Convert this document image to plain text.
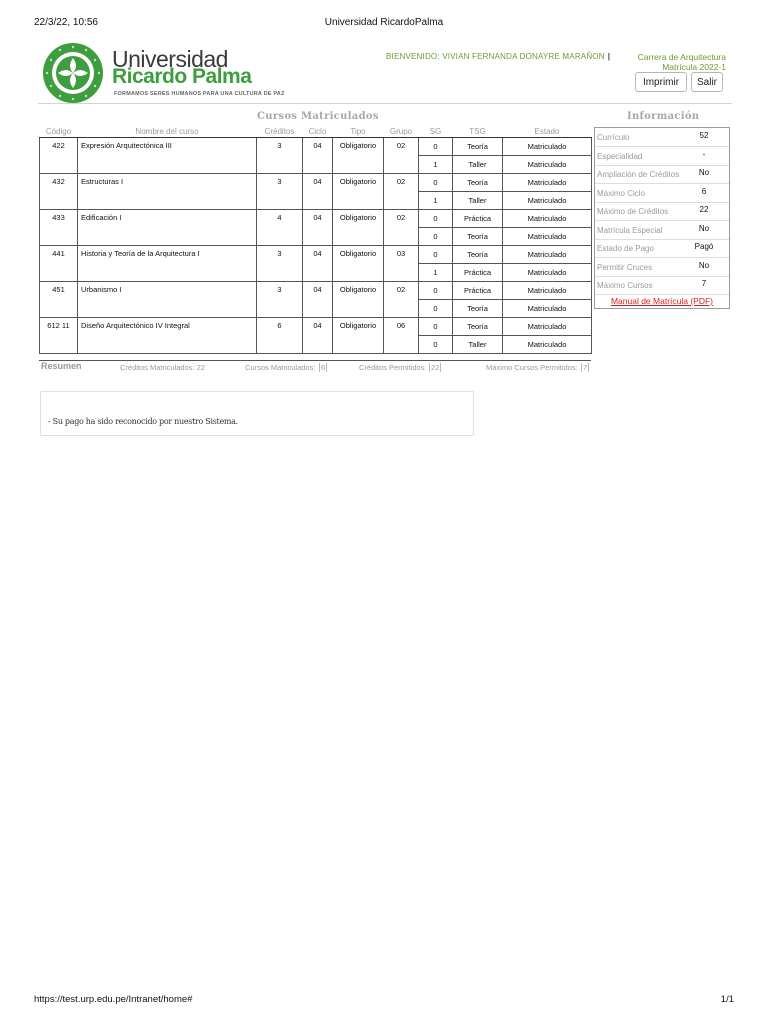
22/3/22, 10:56	Universidad RicardoPalma
Universidad
Ricardo Palma
FORMAMOS SERES HUMANOS PARA UNA CULTURA DE PAZ
BIENVENIDO: VIVIAN FERNANDA DONAYRE MARAÑON |	Carrera de Arquitectura
Matrícula 2022-1
Imprimir	Salir
Cursos Matriculados	Información
Código	Nombre del curso	Créditos	Ciclo	Tipo	Grupo	SG	TSG	Estado
422	Expresión Arquitectónica III	3	04	Obligatorio	02	0	Teoría	Matriculado
						1	Taller	Matriculado
432	Estructuras I	3	04	Obligatorio	02	0	Teoría	Matriculado
						1	Taller	Matriculado
433	Edificación I	4	04	Obligatorio	02	0	Práctica	Matriculado
						0	Teoría	Matriculado
441	Historia y Teoría de la Arquitectura I	3	04	Obligatorio	03	0	Teoría	Matriculado
						1	Práctica	Matriculado
451	Urbanismo I	3	04	Obligatorio	02	0	Práctica	Matriculado
						0	Teoría	Matriculado
612 11	Diseño Arquitectónico IV Integral	6	04	Obligatorio	06	0	Teoría	Matriculado
						0	Taller	Matriculado
Resumen	Créditos Matriculados: 22	Cursos Matriculados: 6	Créditos Permitidos: 22	Máximo Cursos Permitidos: 7
Currículo	52
Especialidad	-
Ampliación de Créditos	No
Máximo Ciclo	6
Máximo de Créditos	22
Matrícula Especial	No
Estado de Pago	Pagó
Permitir Cruces	No
Máximo Cursos	7
Manual de Matrícula (PDF)
- Su pago ha sido reconocido por nuestro Sistema.
https://test.urp.edu.pe/Intranet/home#	1/1
